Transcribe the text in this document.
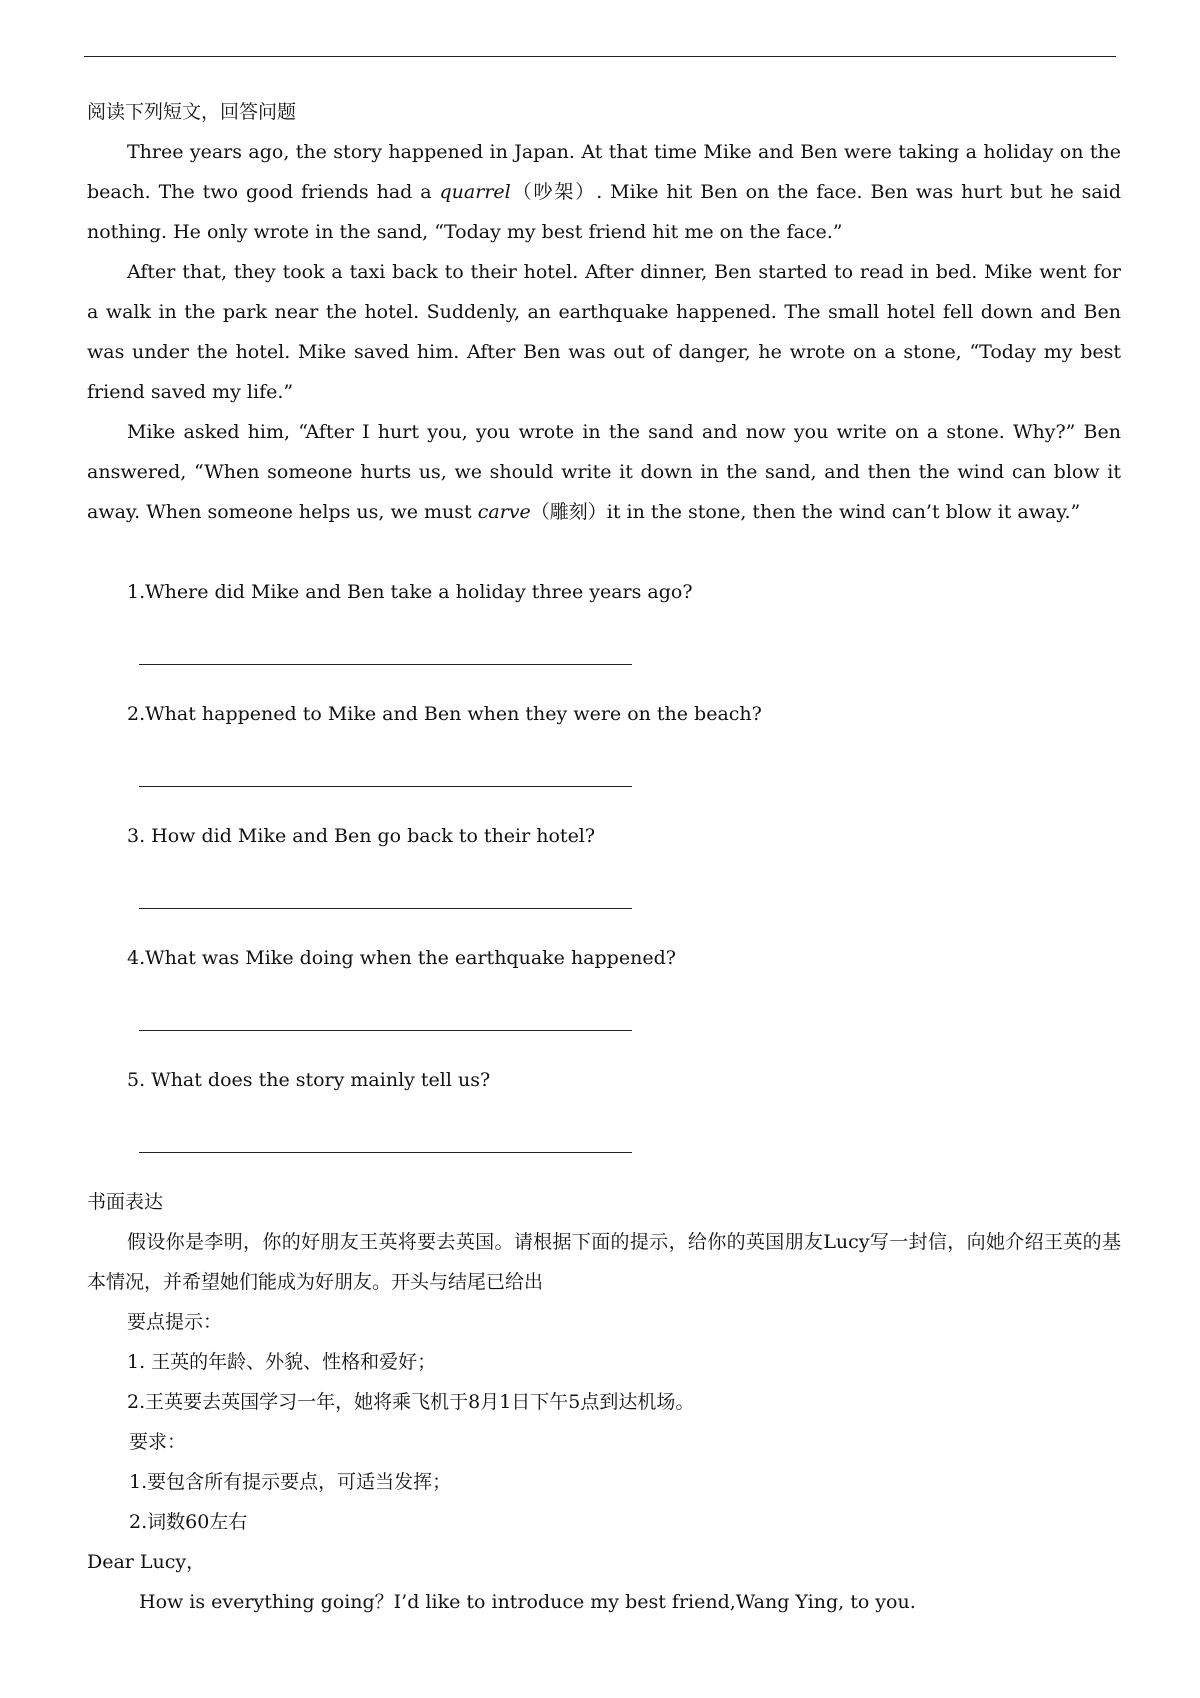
阅读下列短文，回答问题

Three years ago, the story happened in Japan. At that time Mike and Ben were taking a holiday on the beach. The two good friends had a quarrel（吵架）. Mike hit Ben on the face. Ben was hurt but he said nothing. He only wrote in the sand, “Today my best friend hit me on the face.”

After that, they took a taxi back to their hotel. After dinner, Ben started to read in bed. Mike went for a walk in the park near the hotel. Suddenly, an earthquake happened. The small hotel fell down and Ben was under the hotel. Mike saved him. After Ben was out of danger, he wrote on a stone, “Today my best friend saved my life.”

Mike asked him, “After I hurt you, you wrote in the sand and now you write on a stone. Why?” Ben answered, “When someone hurts us, we should write it down in the sand, and then the wind can blow it away. When someone helps us, we must carve（雕刻）it in the stone, then the wind can’t blow it away.”

1.Where did Mike and Ben take a holiday three years ago?

2.What happened to Mike and Ben when they were on the beach?

3. How did Mike and Ben go back to their hotel?

4.What was Mike doing when the earthquake happened?

5. What does the story mainly tell us?

书面表达

假设你是李明，你的好朋友王英将要去英国。请根据下面的提示，给你的英国朋友Lucy写一封信，向她介绍王英的基本情况，并希望她们能成为好朋友。开头与结尾已给出

要点提示：

1. 王英的年龄、外貌、性格和爱好；

2.王英要去英国学习一年，她将乘飞机于8月1日下午5点到达机场。

要求：

1.要包含所有提示要点，可适当发挥；

2.词数60左右

Dear Lucy，

How is everything going？I’d like to introduce my best friend,Wang Ying, to you.
